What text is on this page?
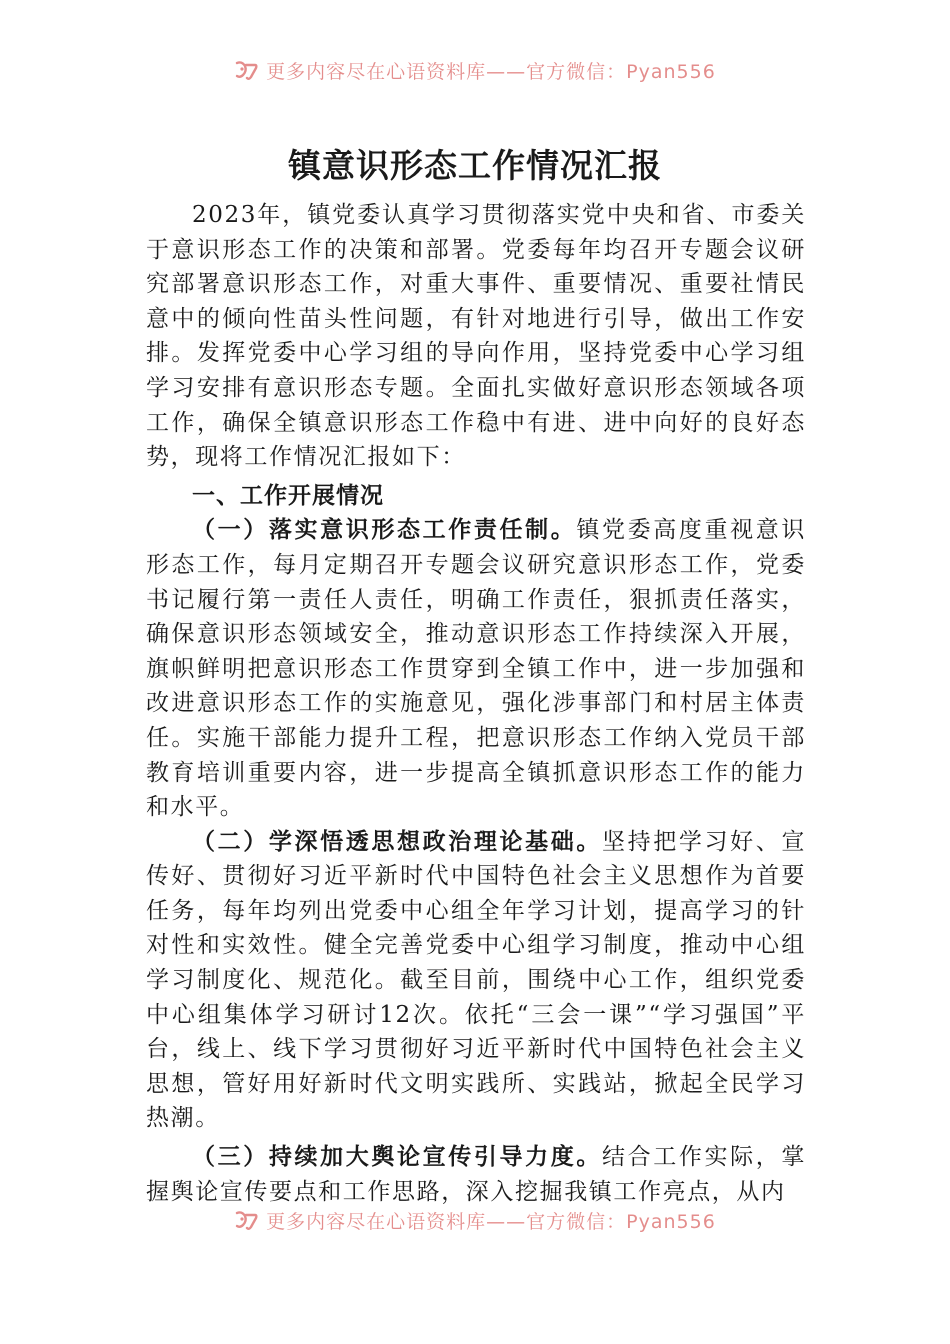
更多内容尽在心语资料库——官方微信：Pyan556
镇意识形态工作情况汇报

2023年，镇党委认真学习贯彻落实党中央和省、市委关于意识形态工作的决策和部署。党委每年均召开专题会议研究部署意识形态工作，对重大事件、重要情况、重要社情民意中的倾向性苗头性问题，有针对地进行引导，做出工作安排。发挥党委中心学习组的导向作用，坚持党委中心学习组学习安排有意识形态专题。全面扎实做好意识形态领域各项工作，确保全镇意识形态工作稳中有进、进中向好的良好态势，现将工作情况汇报如下：

一、工作开展情况

（一）落实意识形态工作责任制。镇党委高度重视意识形态工作，每月定期召开专题会议研究意识形态工作，党委书记履行第一责任人责任，明确工作责任，狠抓责任落实，确保意识形态领域安全，推动意识形态工作持续深入开展，旗帜鲜明把意识形态工作贯穿到全镇工作中，进一步加强和改进意识形态工作的实施意见，强化涉事部门和村居主体责任。实施干部能力提升工程，把意识形态工作纳入党员干部教育培训重要内容，进一步提高全镇抓意识形态工作的能力和水平。

（二）学深悟透思想政治理论基础。坚持把学习好、宣传好、贯彻好习近平新时代中国特色社会主义思想作为首要任务，每年均列出党委中心组全年学习计划，提高学习的针对性和实效性。健全完善党委中心组学习制度，推动中心组学习制度化、规范化。截至目前，围绕中心工作，组织党委中心组集体学习研讨12次。依托“三会一课”“学习强国”平台，线上、线下学习贯彻好习近平新时代中国特色社会主义思想，管好用好新时代文明实践所、实践站，掀起全民学习热潮。

（三）持续加大舆论宣传引导力度。结合工作实际，掌握舆论宣传要点和工作思路，深入挖掘我镇工作亮点，从内

更多内容尽在心语资料库——官方微信：Pyan556
